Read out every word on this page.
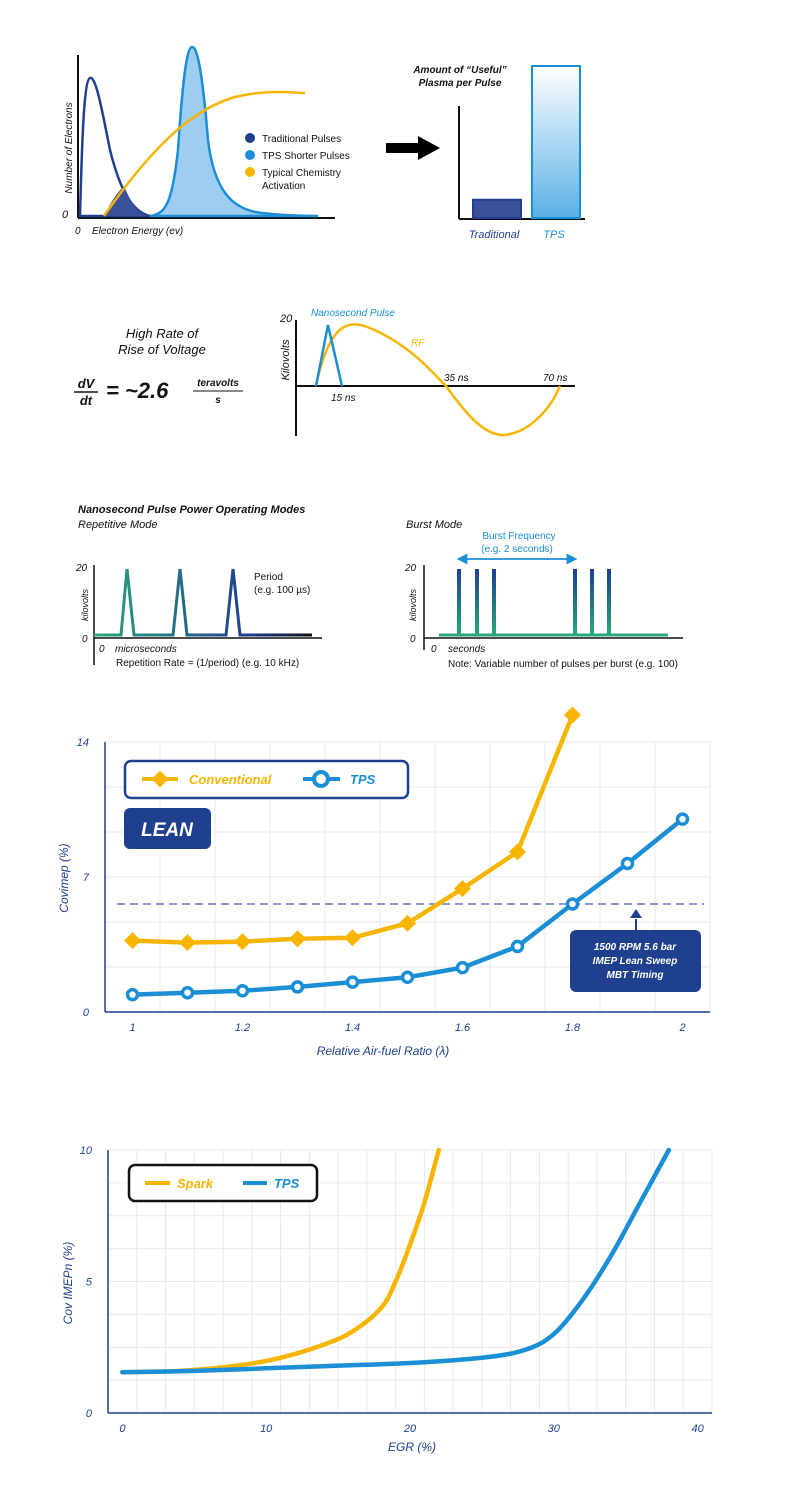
Number of Electrons
0
0 Electron Energy (ev)
Traditional Pulses
TPS Shorter Pulses
Typical Chemistry
Activation
Amount of “Useful”
Plasma per Pulse
Traditional TPS
High Rate of
Rise of Voltage
dV
dt = ~2.6	teravolts
s
20
Kilovolts
Nanosecond Pulse
RF
15 ns
35 ns	70 ns
Nanosecond Pulse Power Operating Modes
Repetitive Mode
20
0
kilovolts
Period
(e.g. 100 µs)
0 microseconds
Repetition Rate = (1/period) (e.g. 10 kHz)
Burst Mode
20
0
kilovolts
Burst Frequency
(e.g. 2 seconds)
0 seconds
Note: Variable number of pulses per burst (e.g. 100)
1	1.2	1.4	1.6	1.8	2
0
7
14
Covimep (%)
Relative Air-fuel Ratio (λ)
Conventional	TPS
LEAN
1500 RPM 5.6 bar
IMEP Lean Sweep
MBT Timing
0	10	20	30	40
0
5
10
Cov IMEPn (%)
EGR (%)
Spark	TPS
